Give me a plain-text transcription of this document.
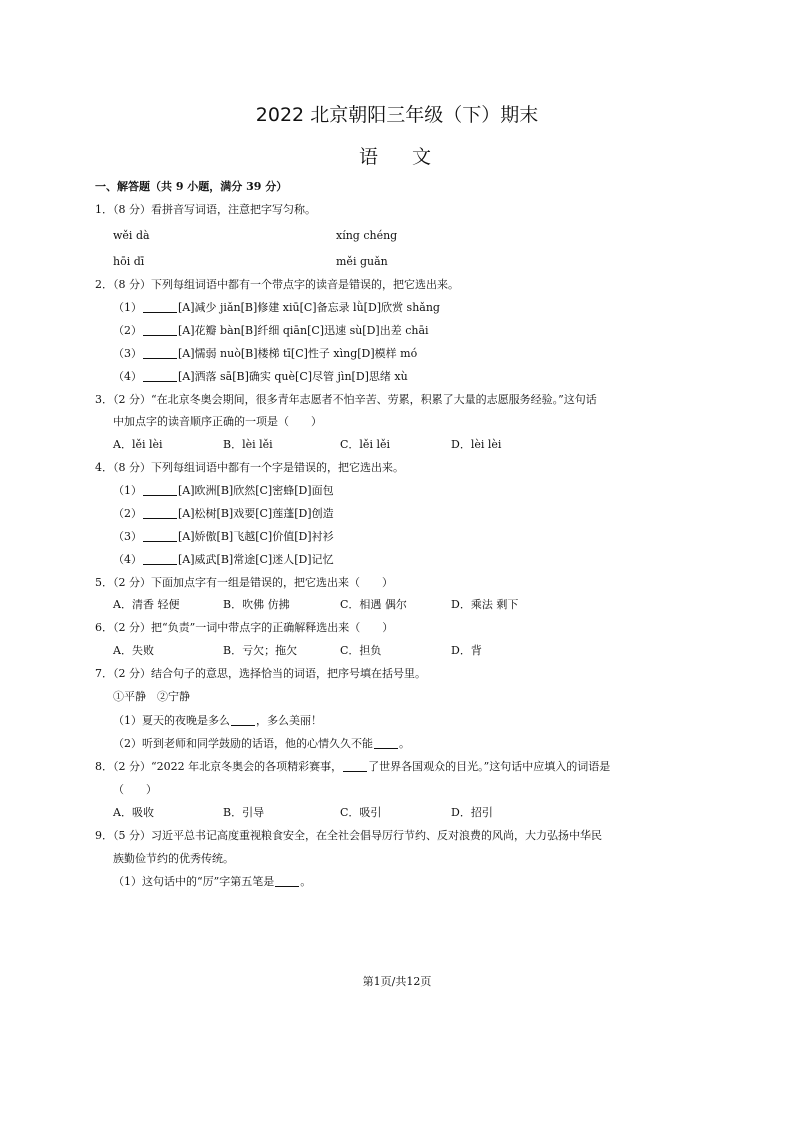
2022 北京朝阳三年级（下）期末
语文
一、解答题（共 9 小题，满分 39 分）
1．（8 分）看拼音写词语，注意把字写匀称。
wěi dà	xíng chéng
hōi dī	měi guǎn
2．（8 分）下列每组词语中都有一个带点字的读音是错误的，把它选出来。
（1）	[A]减少 jiǎn[B]修建 xiū[C]备忘录 lǜ[D]欣赏 shǎng
（2）	[A]花瓣 bàn[B]纤细 qiān[C]迅速 sù[D]出差 chāi
（3）	[A]懦弱 nuò[B]楼梯 tī[C]性子 xìng[D]模样 mó
（4）	[A]洒落 sā[B]确实 què[C]尽管 jìn[D]思绪 xù
3．（2 分）“在北京冬奥会期间，很多青年志愿者不怕辛苦、劳累，积累了大量的志愿服务经验。”这句话
中加点字的读音顺序正确的一项是（　　）
A．lěi lèi	B．lèi lěi	C．lěi lěi	D．lèi lèi
4．（8 分）下列每组词语中都有一个字是错误的，把它选出来。
（1）	[A]欧洲[B]欣然[C]密蜂[D]面包
（2）	[A]松树[B]戏要[C]莲蓬[D]创造
（3）	[A]娇傲[B]飞越[C]价值[D]衬衫
（4）	[A]威武[B]常途[C]迷人[D]记忆
5．（2 分）下面加点字有一组是错误的，把它选出来（　　）
A．清香 轻便	B．吹佛 仿拂	C．相遇 偶尔	D．乘法 剩下
6．（2 分）把“负责”一词中带点字的正确解释选出来（　　）
A．失败	B．亏欠；拖欠	C．担负	D．背
7．（2 分）结合句子的意思，选择恰当的词语，把序号填在括号里。
①平静　②宁静
（1）夏天的夜晚是多么 ，多么美丽！
（2）听到老师和同学鼓励的话语，他的心情久久不能 。
8．（2 分）“2022 年北京冬奥会的各项精彩赛事， 了世界各国观众的目光。”这句话中应填入的词语是
（　　）
A．吸收	B．引导	C．吸引	D．招引
9．（5 分）习近平总书记高度重视粮食安全，在全社会倡导厉行节约、反对浪费的风尚，大力弘扬中华民
族勤俭节约的优秀传统。
（1）这句话中的“厉”字第五笔是 。
第1页/共12页
